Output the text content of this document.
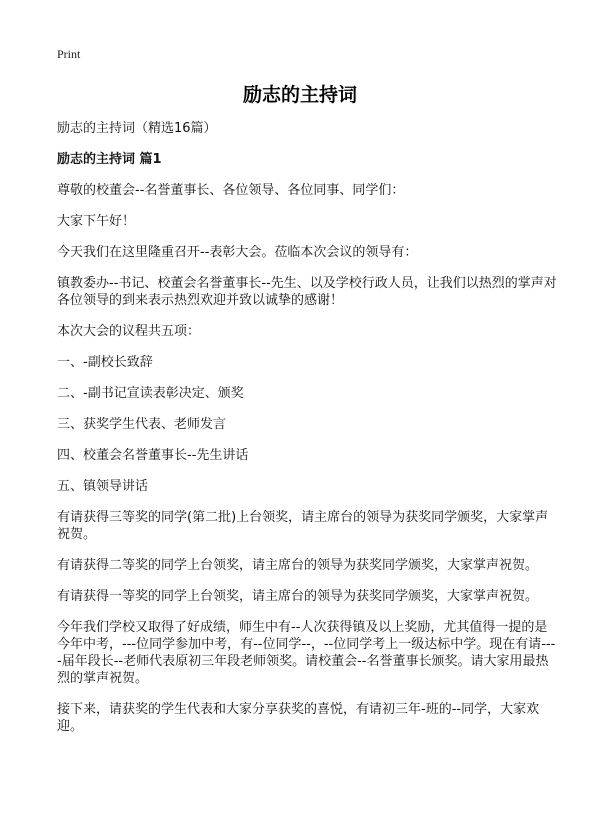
Print
励志的主持词

励志的主持词（精选16篇）

励志的主持词 篇1

尊敬的校董会--名誉董事长、各位领导、各位同事、同学们：

大家下午好！

今天我们在这里隆重召开--表彰大会。莅临本次会议的领导有：

镇教委办--书记、校董会名誉董事长--先生、以及学校行政人员，让我们以热烈的掌声对各位领导的到来表示热烈欢迎并致以诚挚的感谢！

本次大会的议程共五项：

一、-副校长致辞

二、-副书记宣读表彰决定、颁奖

三、获奖学生代表、老师发言

四、校董会名誉董事长--先生讲话

五、镇领导讲话

有请获得三等奖的同学(第二批)上台领奖，请主席台的领导为获奖同学颁奖，大家掌声祝贺。

有请获得二等奖的同学上台领奖，请主席台的领导为获奖同学颁奖，大家掌声祝贺。

有请获得一等奖的同学上台领奖，请主席台的领导为获奖同学颁奖，大家掌声祝贺。

今年我们学校又取得了好成绩，师生中有--人次获得镇及以上奖励，尤其值得一提的是今年中考，---位同学参加中考，有--位同学--，--位同学考上一级达标中学。现在有请----届年段长--老师代表原初三年段老师领奖。请校董会--名誉董事长颁奖。请大家用最热烈的掌声祝贺。

接下来，请获奖的学生代表和大家分享获奖的喜悦，有请初三年-班的--同学，大家欢迎。
